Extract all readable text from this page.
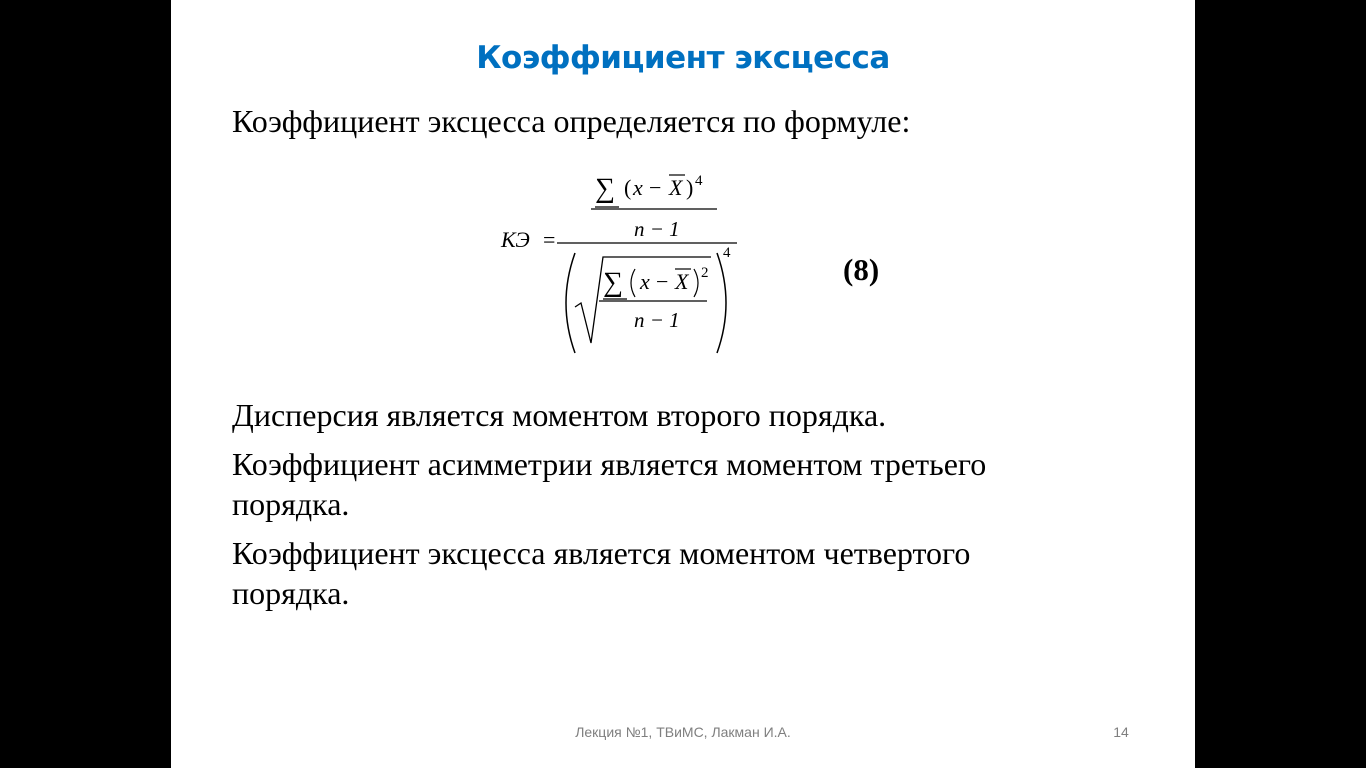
Коэффициент эксцесса
Коэффициент эксцесса определяется по формуле:
КЭ =
∑ ( x − X ) 4
n − 1
4
∑ x − X 2
n − 1
(8)
Дисперсия является моментом второго порядка.
Коэффициент асимметрии является моментом третьего порядка.
Коэффициент эксцесса является моментом четвертого порядка.
Лекция №1, ТВиМС, Лакман И.А.	14
